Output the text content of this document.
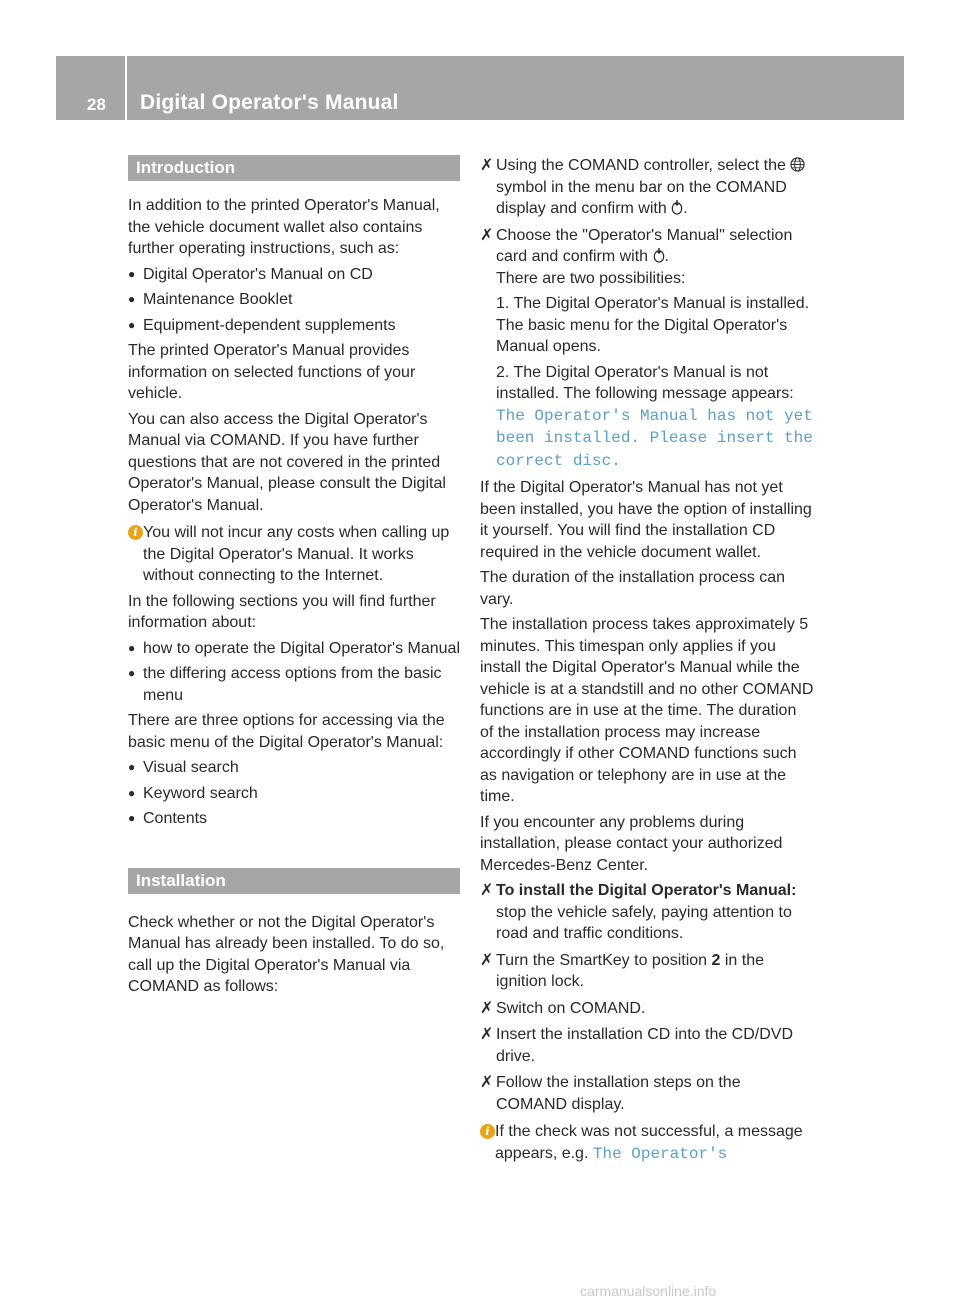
28 Digital Operator's Manual
Introduction

In addition to the printed Operator's Manual, the vehicle document wallet also contains further operating instructions, such as:

● Digital Operator's Manual on CD
● Maintenance Booklet
● Equipment-dependent supplements

The printed Operator's Manual provides information on selected functions of your vehicle.

You can also access the Digital Operator's Manual via COMAND. If you have further questions that are not covered in the printed Operator's Manual, please consult the Digital Operator's Manual.

i You will not incur any costs when calling up the Digital Operator's Manual. It works without connecting to the Internet.

In the following sections you will find further information about:

● how to operate the Digital Operator's Manual
● the differing access options from the basic menu

There are three options for accessing via the basic menu of the Digital Operator's Manual:

● Visual search
● Keyword search
● Contents
Installation

Check whether or not the Digital Operator's Manual has already been installed. To do so, call up the Digital Operator's Manual via COMAND as follows:

✗ Using the COMAND controller, select the  symbol in the menu bar on the COMAND display and confirm with .
✗ Choose the "Operator's Manual" selection card and confirm with .

There are two possibilities:

1. The Digital Operator's Manual is installed. The basic menu for the Digital Operator's Manual opens.

2. The Digital Operator's Manual is not installed. The following message appears: The Operator's Manual has not yet been installed. Please insert the correct disc.

If the Digital Operator's Manual has not yet been installed, you have the option of installing it yourself. You will find the installation CD required in the vehicle document wallet.

The duration of the installation process can vary.

The installation process takes approximately 5 minutes. This timespan only applies if you install the Digital Operator's Manual while the vehicle is at a standstill and no other COMAND functions are in use at the time. The duration of the installation process may increase accordingly if other COMAND functions such as navigation or telephony are in use at the time.

If you encounter any problems during installation, please contact your authorized Mercedes-Benz Center.

✗ To install the Digital Operator's Manual: stop the vehicle safely, paying attention to road and traffic conditions.
✗ Turn the SmartKey to position 2 in the ignition lock.
✗ Switch on COMAND.
✗ Insert the installation CD into the CD/DVD drive.
✗ Follow the installation steps on the COMAND display.
i If the check was not successful, a message appears, e.g. The Operator's
carmanualsonline.info
